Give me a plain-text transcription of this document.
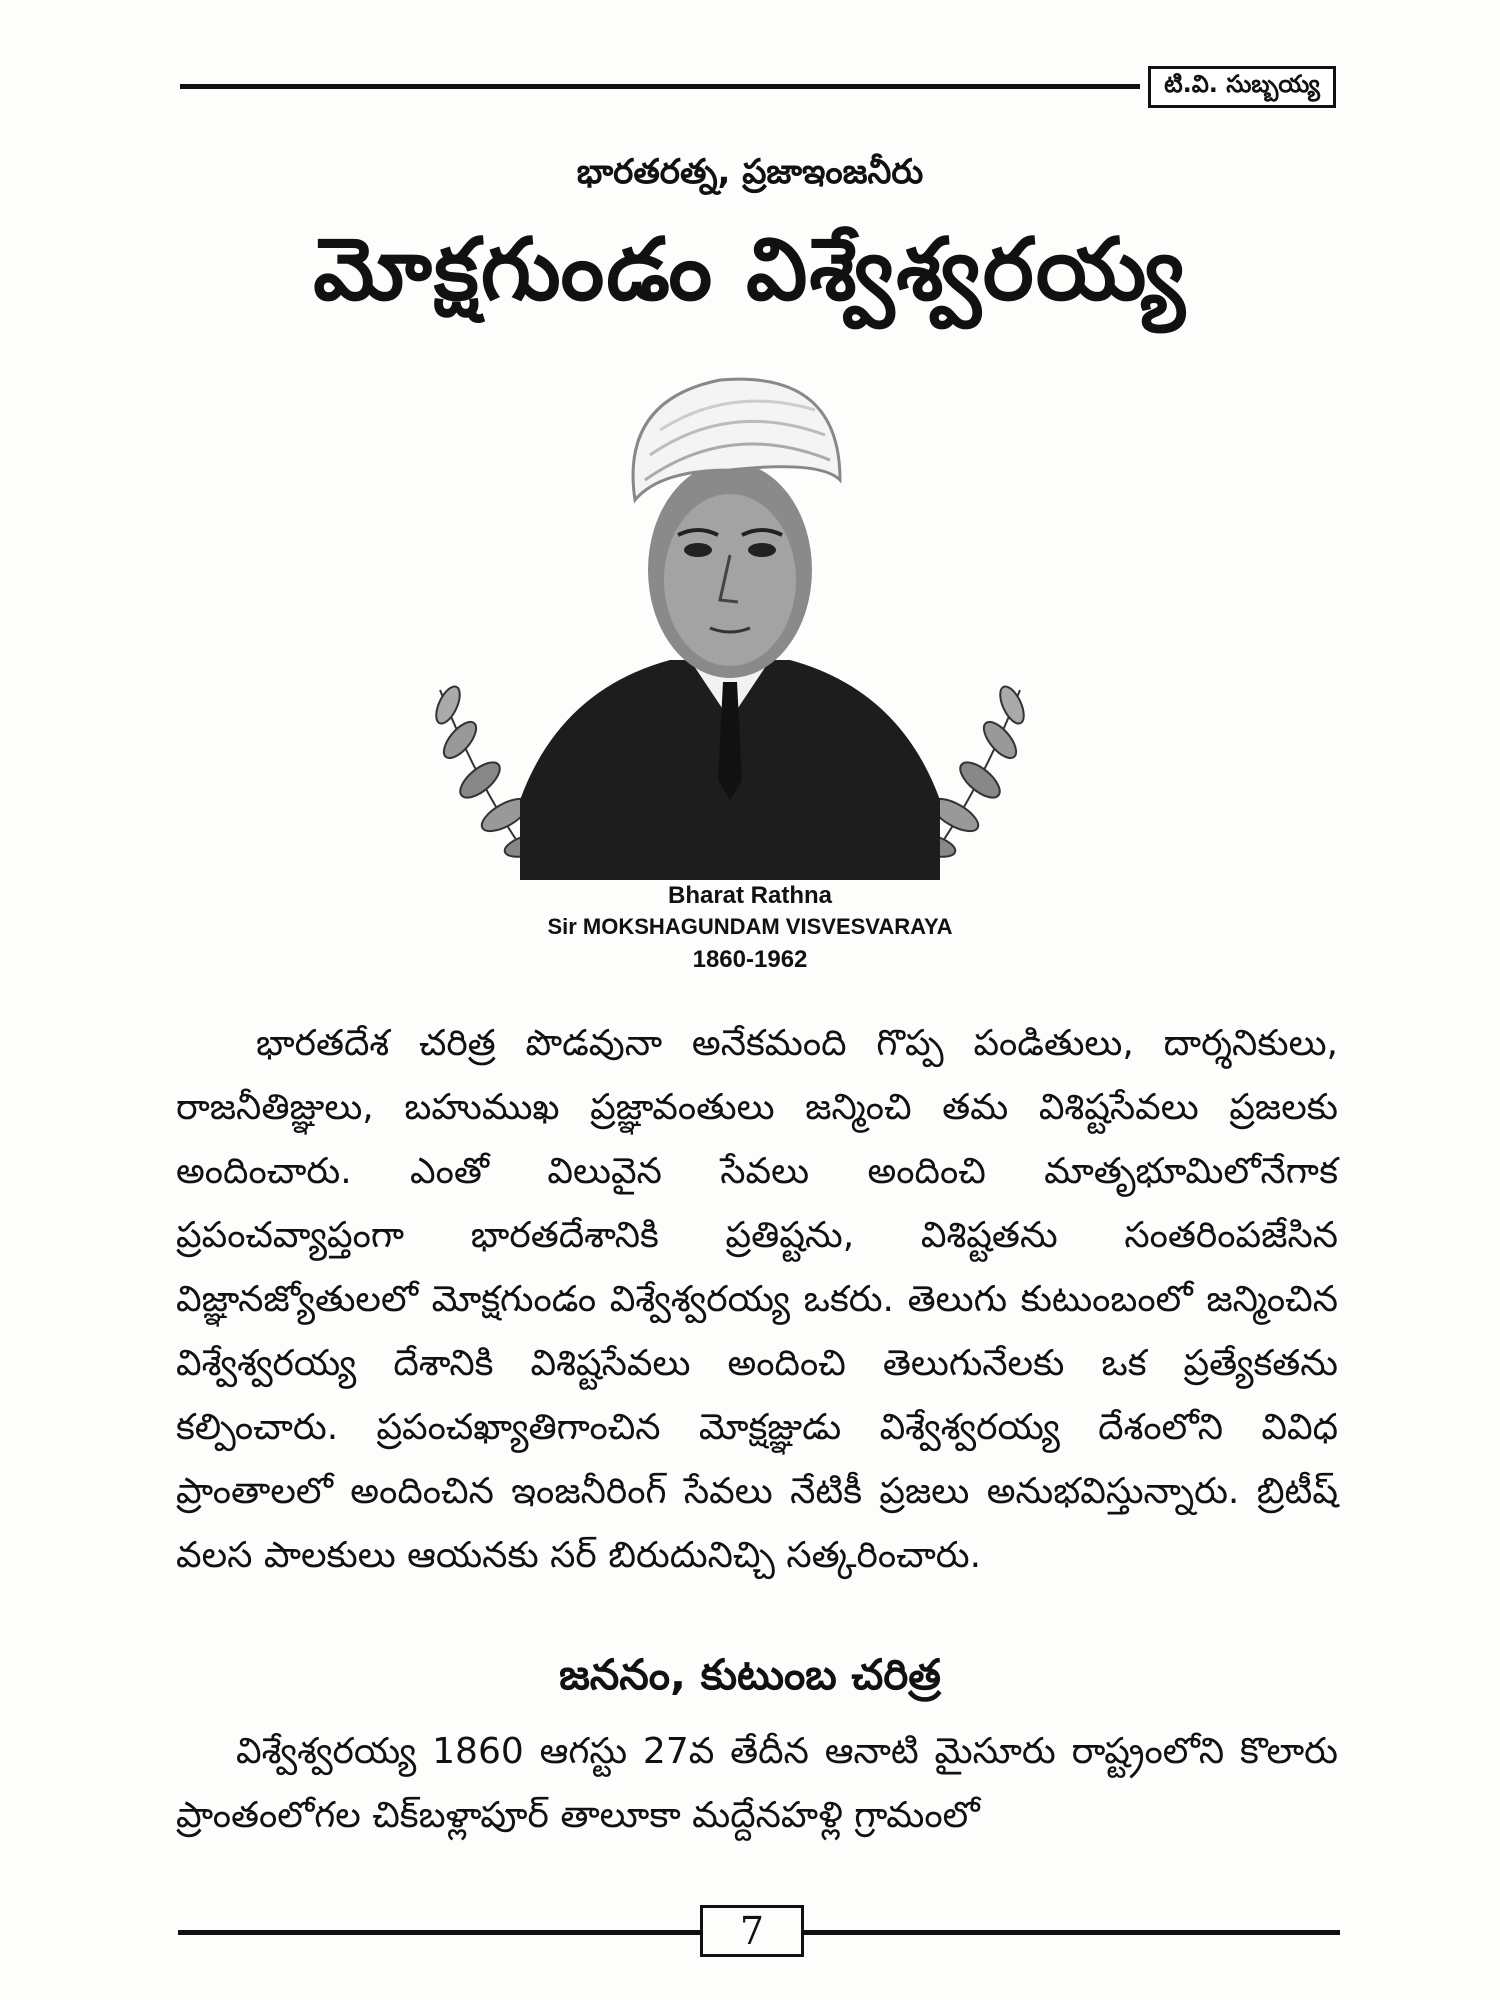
టి.వి. సుబ్బయ్య
భారతరత్న, ప్రజాఇంజనీరు
మోక్షగుండం విశ్వేశ్వరయ్య
Bharat Rathna
Sir MOKSHAGUNDAM VISVESVARAYA
1860-1962
భారతదేశ చరిత్ర పొడవునా అనేకమంది గొప్ప పండితులు, దార్శనికులు, రాజనీతిజ్ఞులు, బహుముఖ ప్రజ్ఞావంతులు జన్మించి తమ విశిష్టసేవలు ప్రజలకు అందించారు. ఎంతో విలువైన సేవలు అందించి మాతృభూమిలోనేగాక ప్రపంచవ్యాప్తంగా భారతదేశానికి ప్రతిష్టను, విశిష్టతను సంతరింపజేసిన విజ్ఞానజ్యోతులలో మోక్షగుండం విశ్వేశ్వరయ్య ఒకరు. తెలుగు కుటుంబంలో జన్మించిన విశ్వేశ్వరయ్య దేశానికి విశిష్టసేవలు అందించి తెలుగునేలకు ఒక ప్రత్యేకతను కల్పించారు. ప్రపంచఖ్యాతిగాంచిన మోక్షజ్ఞుడు విశ్వేశ్వరయ్య దేశంలోని వివిధ ప్రాంతాలలో అందించిన ఇంజనీరింగ్ సేవలు నేటికీ ప్రజలు అనుభవిస్తున్నారు. బ్రిటీష్ వలస పాలకులు ఆయనకు సర్ బిరుదునిచ్చి సత్కరించారు.
జననం, కుటుంబ చరిత్ర
విశ్వేశ్వరయ్య 1860 ఆగస్టు 27వ తేదీన ఆనాటి మైసూరు రాష్ట్రంలోని కొలారు ప్రాంతంలోగల చిక్‌బళ్లాపూర్ తాలూకా మద్దేనహళ్లి గ్రామంలో
7
